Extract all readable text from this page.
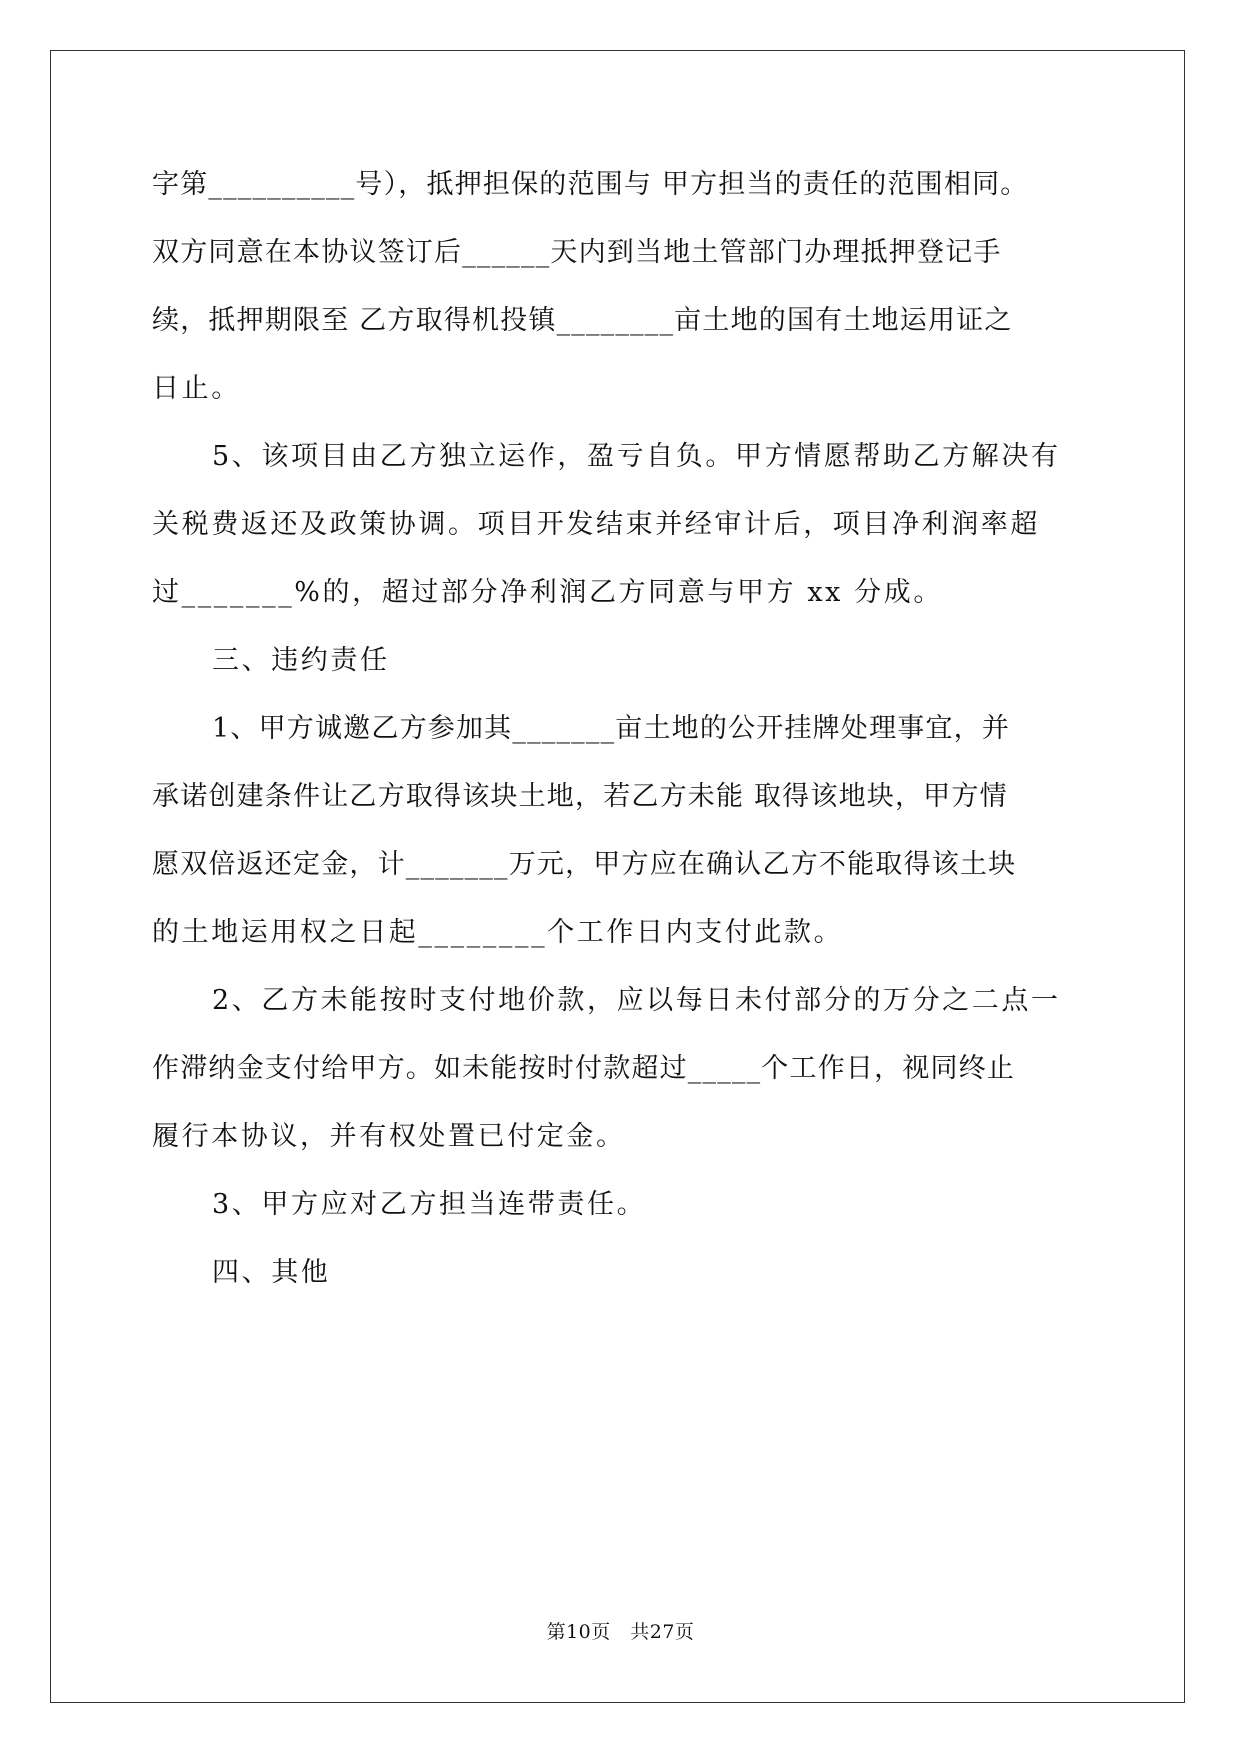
字第__________号），抵押担保的范围与 甲方担当的责任的范围相同。
双方同意在本协议签订后______天内到当地土管部门办理抵押登记手
续，抵押期限至 乙方取得机投镇________亩土地的国有土地运用证之
日止。
5、该项目由乙方独立运作，盈亏自负。甲方情愿帮助乙方解决有
关税费返还及政策协调。项目开发结束并经审计后，项目净利润率超
过_______%的，超过部分净利润乙方同意与甲方 xx 分成。
三、违约责任
1、甲方诚邀乙方参加其_______亩土地的公开挂牌处理事宜，并
承诺创建条件让乙方取得该块土地，若乙方未能 取得该地块，甲方情
愿双倍返还定金，计_______万元，甲方应在确认乙方不能取得该土块
的土地运用权之日起________个工作日内支付此款。
2、乙方未能按时支付地价款，应以每日未付部分的万分之二点一
作滞纳金支付给甲方。如未能按时付款超过_____个工作日，视同终止
履行本协议，并有权处置已付定金。
3、甲方应对乙方担当连带责任。
四、其他
第10页　共27页
